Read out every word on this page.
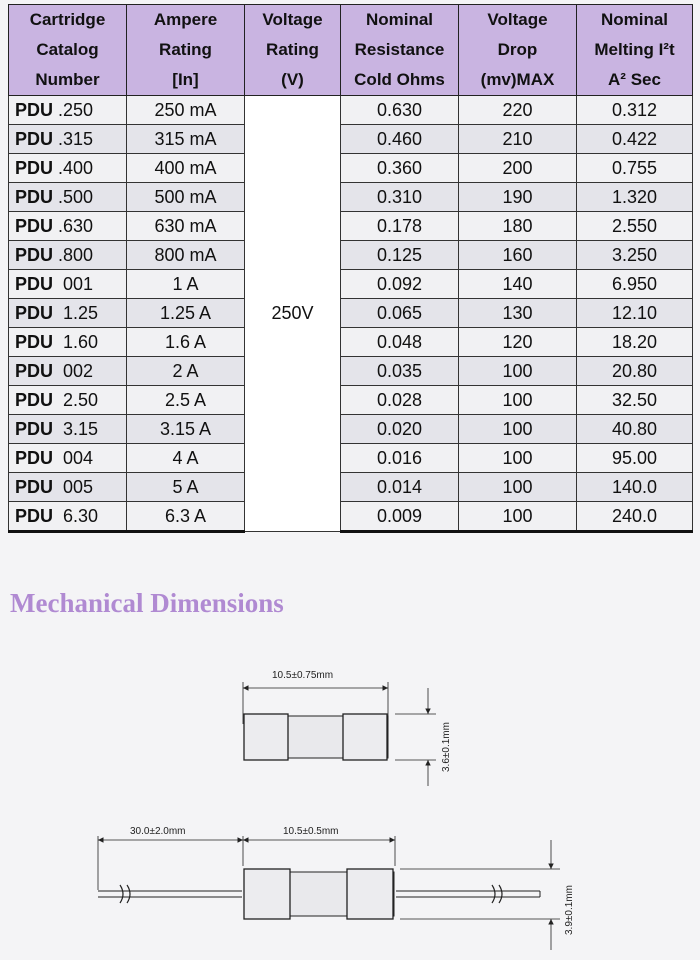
Cartridge
Catalog
Number	Ampere
Rating
[In]	Voltage
Rating
(V)	Nominal
Resistance
Cold Ohms	Voltage
Drop
(mv)MAX	Nominal
Melting I²t
A² Sec

PDU .250	250 mA	250V	0.630	220	0.312
PDU .315	315 mA		0.460	210	0.422
PDU .400	400 mA		0.360	200	0.755
PDU .500	500 mA		0.310	190	1.320
PDU .630	630 mA		0.178	180	2.550
PDU .800	800 mA		0.125	160	3.250
PDU 001	1 A		0.092	140	6.950
PDU 1.25	1.25 A		0.065	130	12.10
PDU 1.60	1.6 A		0.048	120	18.20
PDU 002	2 A		0.035	100	20.80
PDU 2.50	2.5 A		0.028	100	32.50
PDU 3.15	3.15 A		0.020	100	40.80
PDU 004	4 A		0.016	100	95.00
PDU 005	5 A		0.014	100	140.0
PDU 6.30	6.3 A		0.009	100	240.0
Mechanical Dimensions
10.5±0.75mm
3.6±0.1mm
30.0±2.0mm	10.5±0.5mm
3.9±0.1mm
